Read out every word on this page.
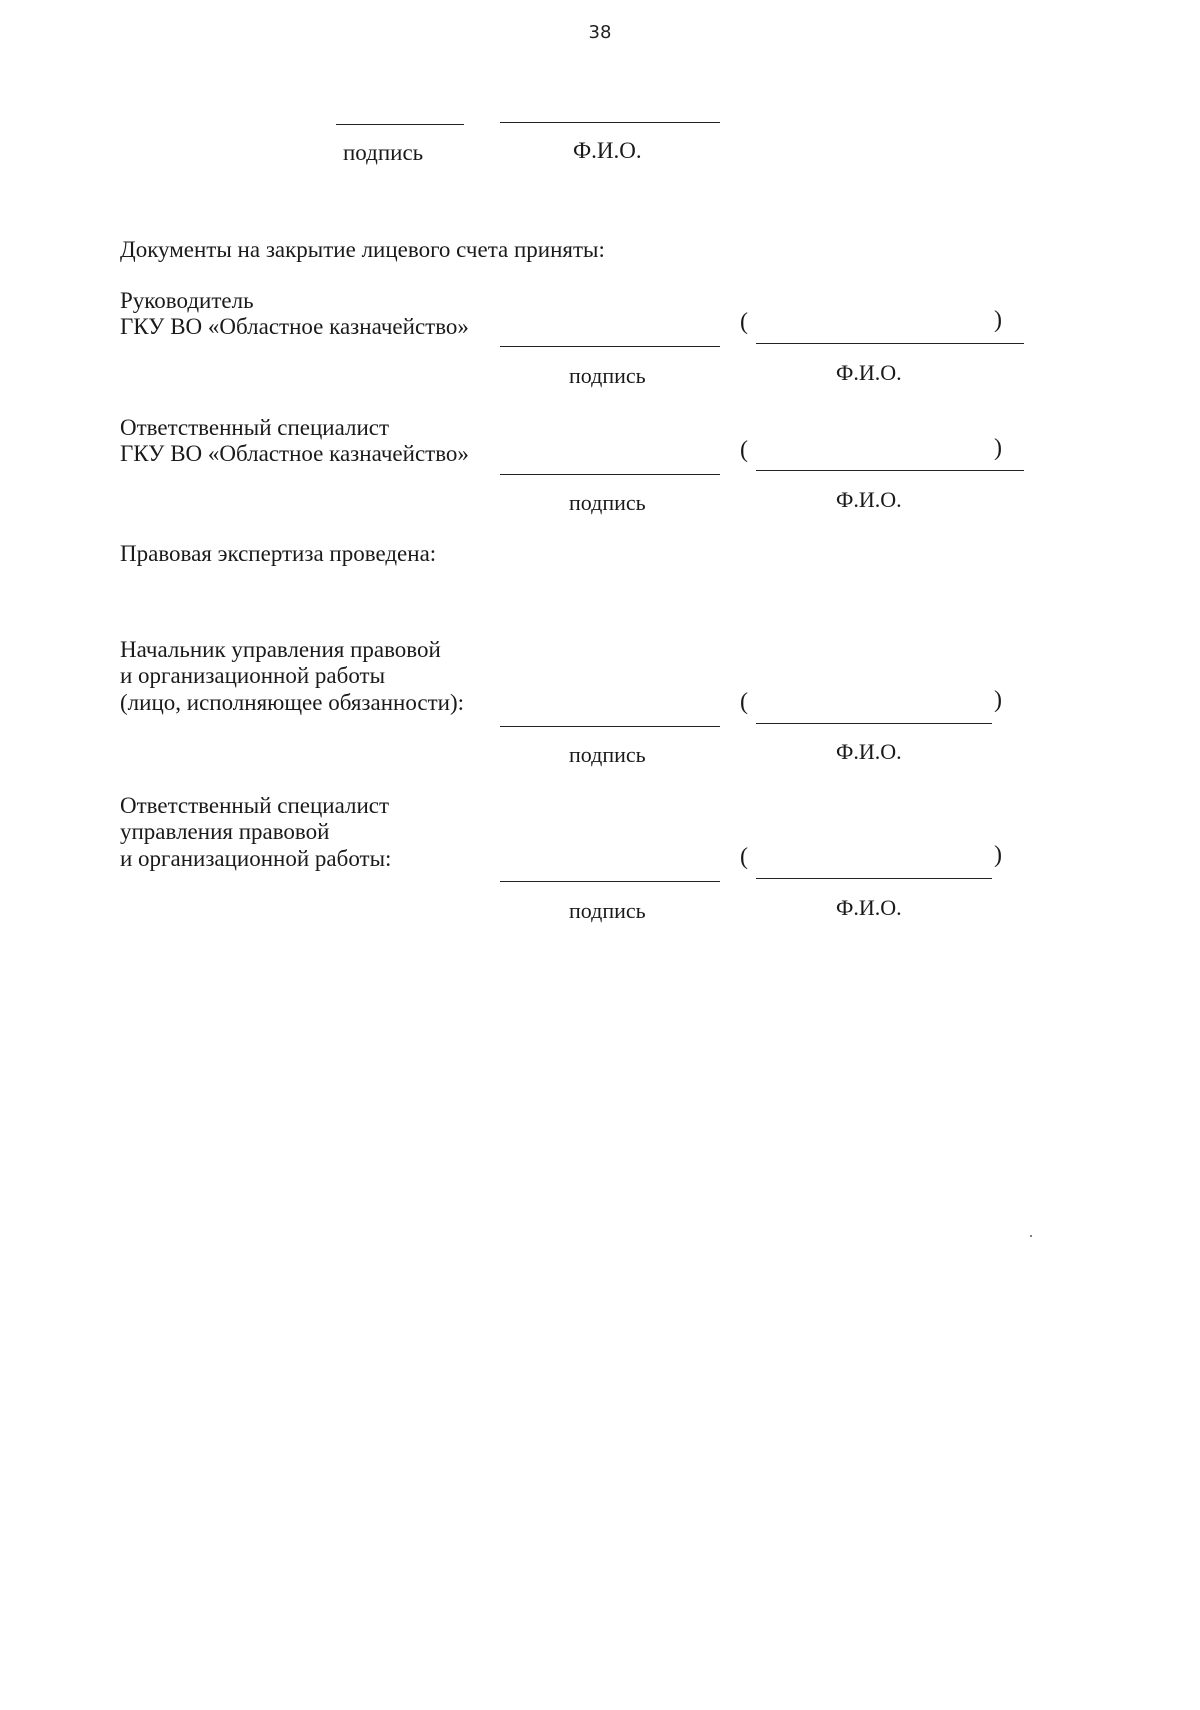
38
подпись	Ф.И.О.
Документы на закрытие лицевого счета приняты:
Руководитель
ГКУ ВО «Областное казначейство»	(	)
подпись	Ф.И.О.
Ответственный специалист
ГКУ ВО «Областное казначейство»	(	)
подпись	Ф.И.О.
Правовая экспертиза проведена:
Начальник управления правовой
и организационной работы
(лицо, исполняющее обязанности):	(	)
подпись	Ф.И.О.
Ответственный специалист
управления правовой
и организационной работы:	(	)
подпись	Ф.И.О.
